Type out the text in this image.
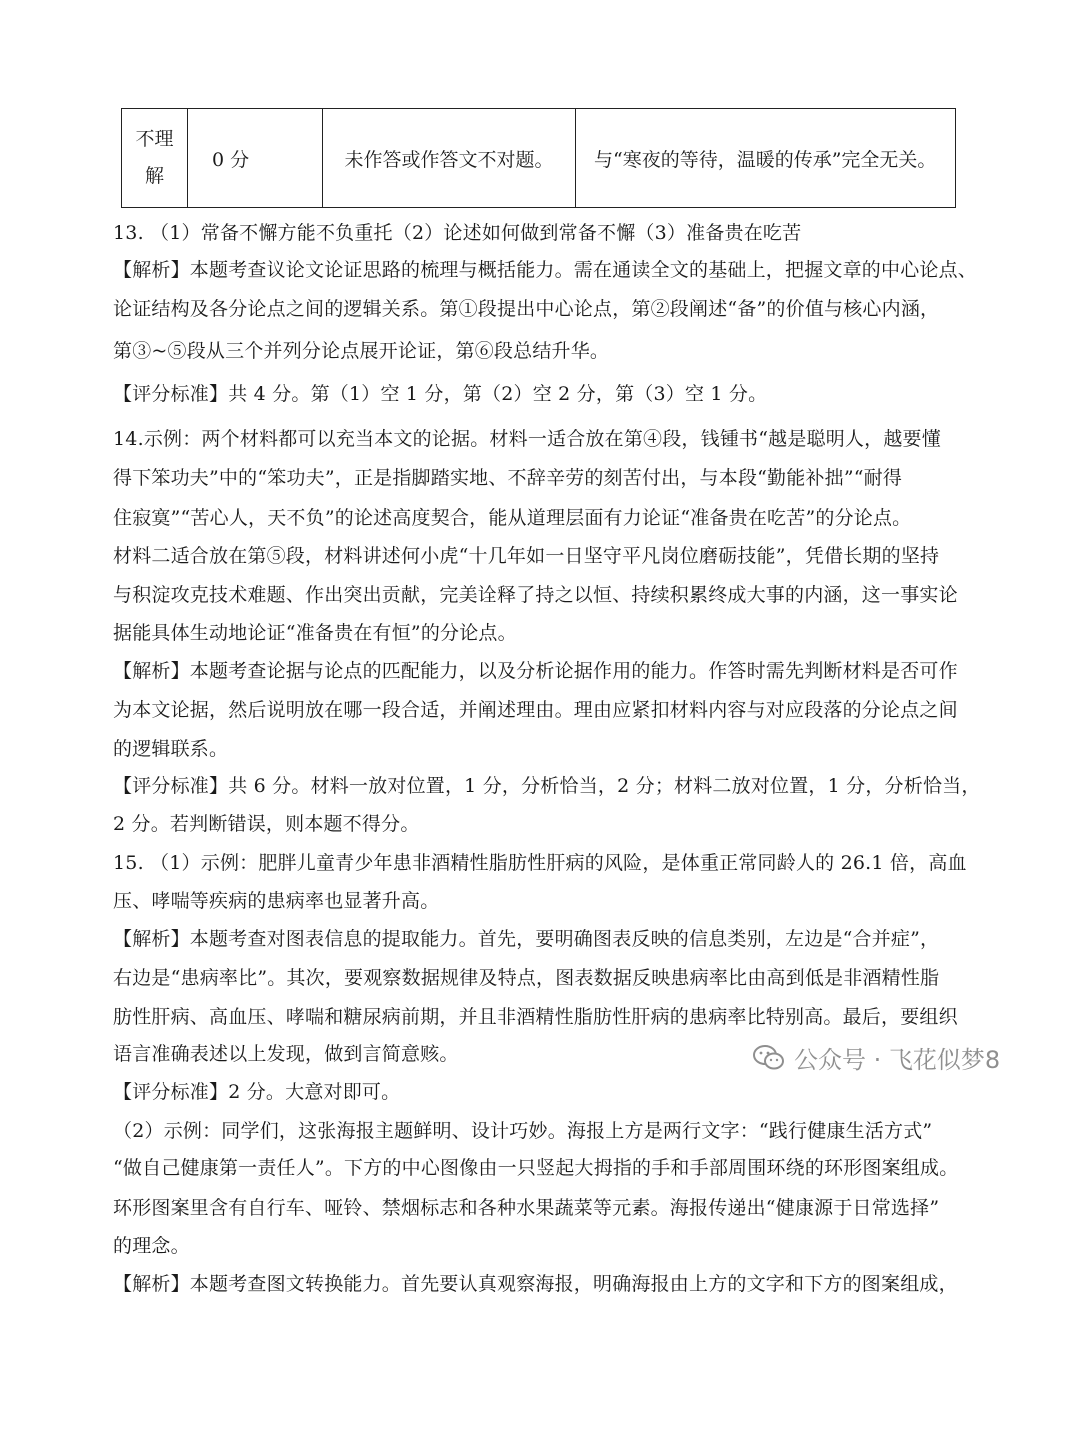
不理
解
	0 分	未作答或作答文不对题。	与“寒夜的等待，温暖的传承”完全无关。
13. （1）常备不懈方能不负重托（2）论述如何做到常备不懈（3）准备贵在吃苦
【解析】本题考查议论文论证思路的梳理与概括能力。需在通读全文的基础上，把握文章的中心论点、
论证结构及各分论点之间的逻辑关系。第①段提出中心论点，第②段阐述“备”的价值与核心内涵，
第③~⑤段从三个并列分论点展开论证，第⑥段总结升华。
【评分标准】共 4 分。第（1）空 1 分，第（2）空 2 分，第（3）空 1 分。
14.示例：两个材料都可以充当本文的论据。材料一适合放在第④段，钱锺书“越是聪明人，越要懂
得下笨功夫”中的“笨功夫”，正是指脚踏实地、不辞辛劳的刻苦付出，与本段“勤能补拙”“耐得
住寂寞”“苦心人，天不负”的论述高度契合，能从道理层面有力论证“准备贵在吃苦”的分论点。
材料二适合放在第⑤段，材料讲述何小虎“十几年如一日坚守平凡岗位磨砺技能”，凭借长期的坚持
与积淀攻克技术难题、作出突出贡献，完美诠释了持之以恒、持续积累终成大事的内涵，这一事实论
据能具体生动地论证“准备贵在有恒”的分论点。
【解析】本题考查论据与论点的匹配能力，以及分析论据作用的能力。作答时需先判断材料是否可作
为本文论据，然后说明放在哪一段合适，并阐述理由。理由应紧扣材料内容与对应段落的分论点之间
的逻辑联系。
【评分标准】共 6 分。材料一放对位置，1 分，分析恰当，2 分；材料二放对位置，1 分，分析恰当，
2 分。若判断错误，则本题不得分。
15. （1）示例：肥胖儿童青少年患非酒精性脂肪性肝病的风险，是体重正常同龄人的 26.1 倍，高血
压、哮喘等疾病的患病率也显著升高。
【解析】本题考查对图表信息的提取能力。首先，要明确图表反映的信息类别，左边是“合并症”，
右边是“患病率比”。其次，要观察数据规律及特点，图表数据反映患病率比由高到低是非酒精性脂
肪性肝病、高血压、哮喘和糖尿病前期，并且非酒精性脂肪性肝病的患病率比特别高。最后，要组织
语言准确表述以上发现，做到言简意赅。
【评分标准】2 分。大意对即可。
（2）示例：同学们，这张海报主题鲜明、设计巧妙。海报上方是两行文字：“践行健康生活方式”
“做自己健康第一责任人”。下方的中心图像由一只竖起大拇指的手和手部周围环绕的环形图案组成。
环形图案里含有自行车、哑铃、禁烟标志和各种水果蔬菜等元素。海报传递出“健康源于日常选择”
的理念。
【解析】本题考查图文转换能力。首先要认真观察海报，明确海报由上方的文字和下方的图案组成，
公众号 · 飞花似梦8
